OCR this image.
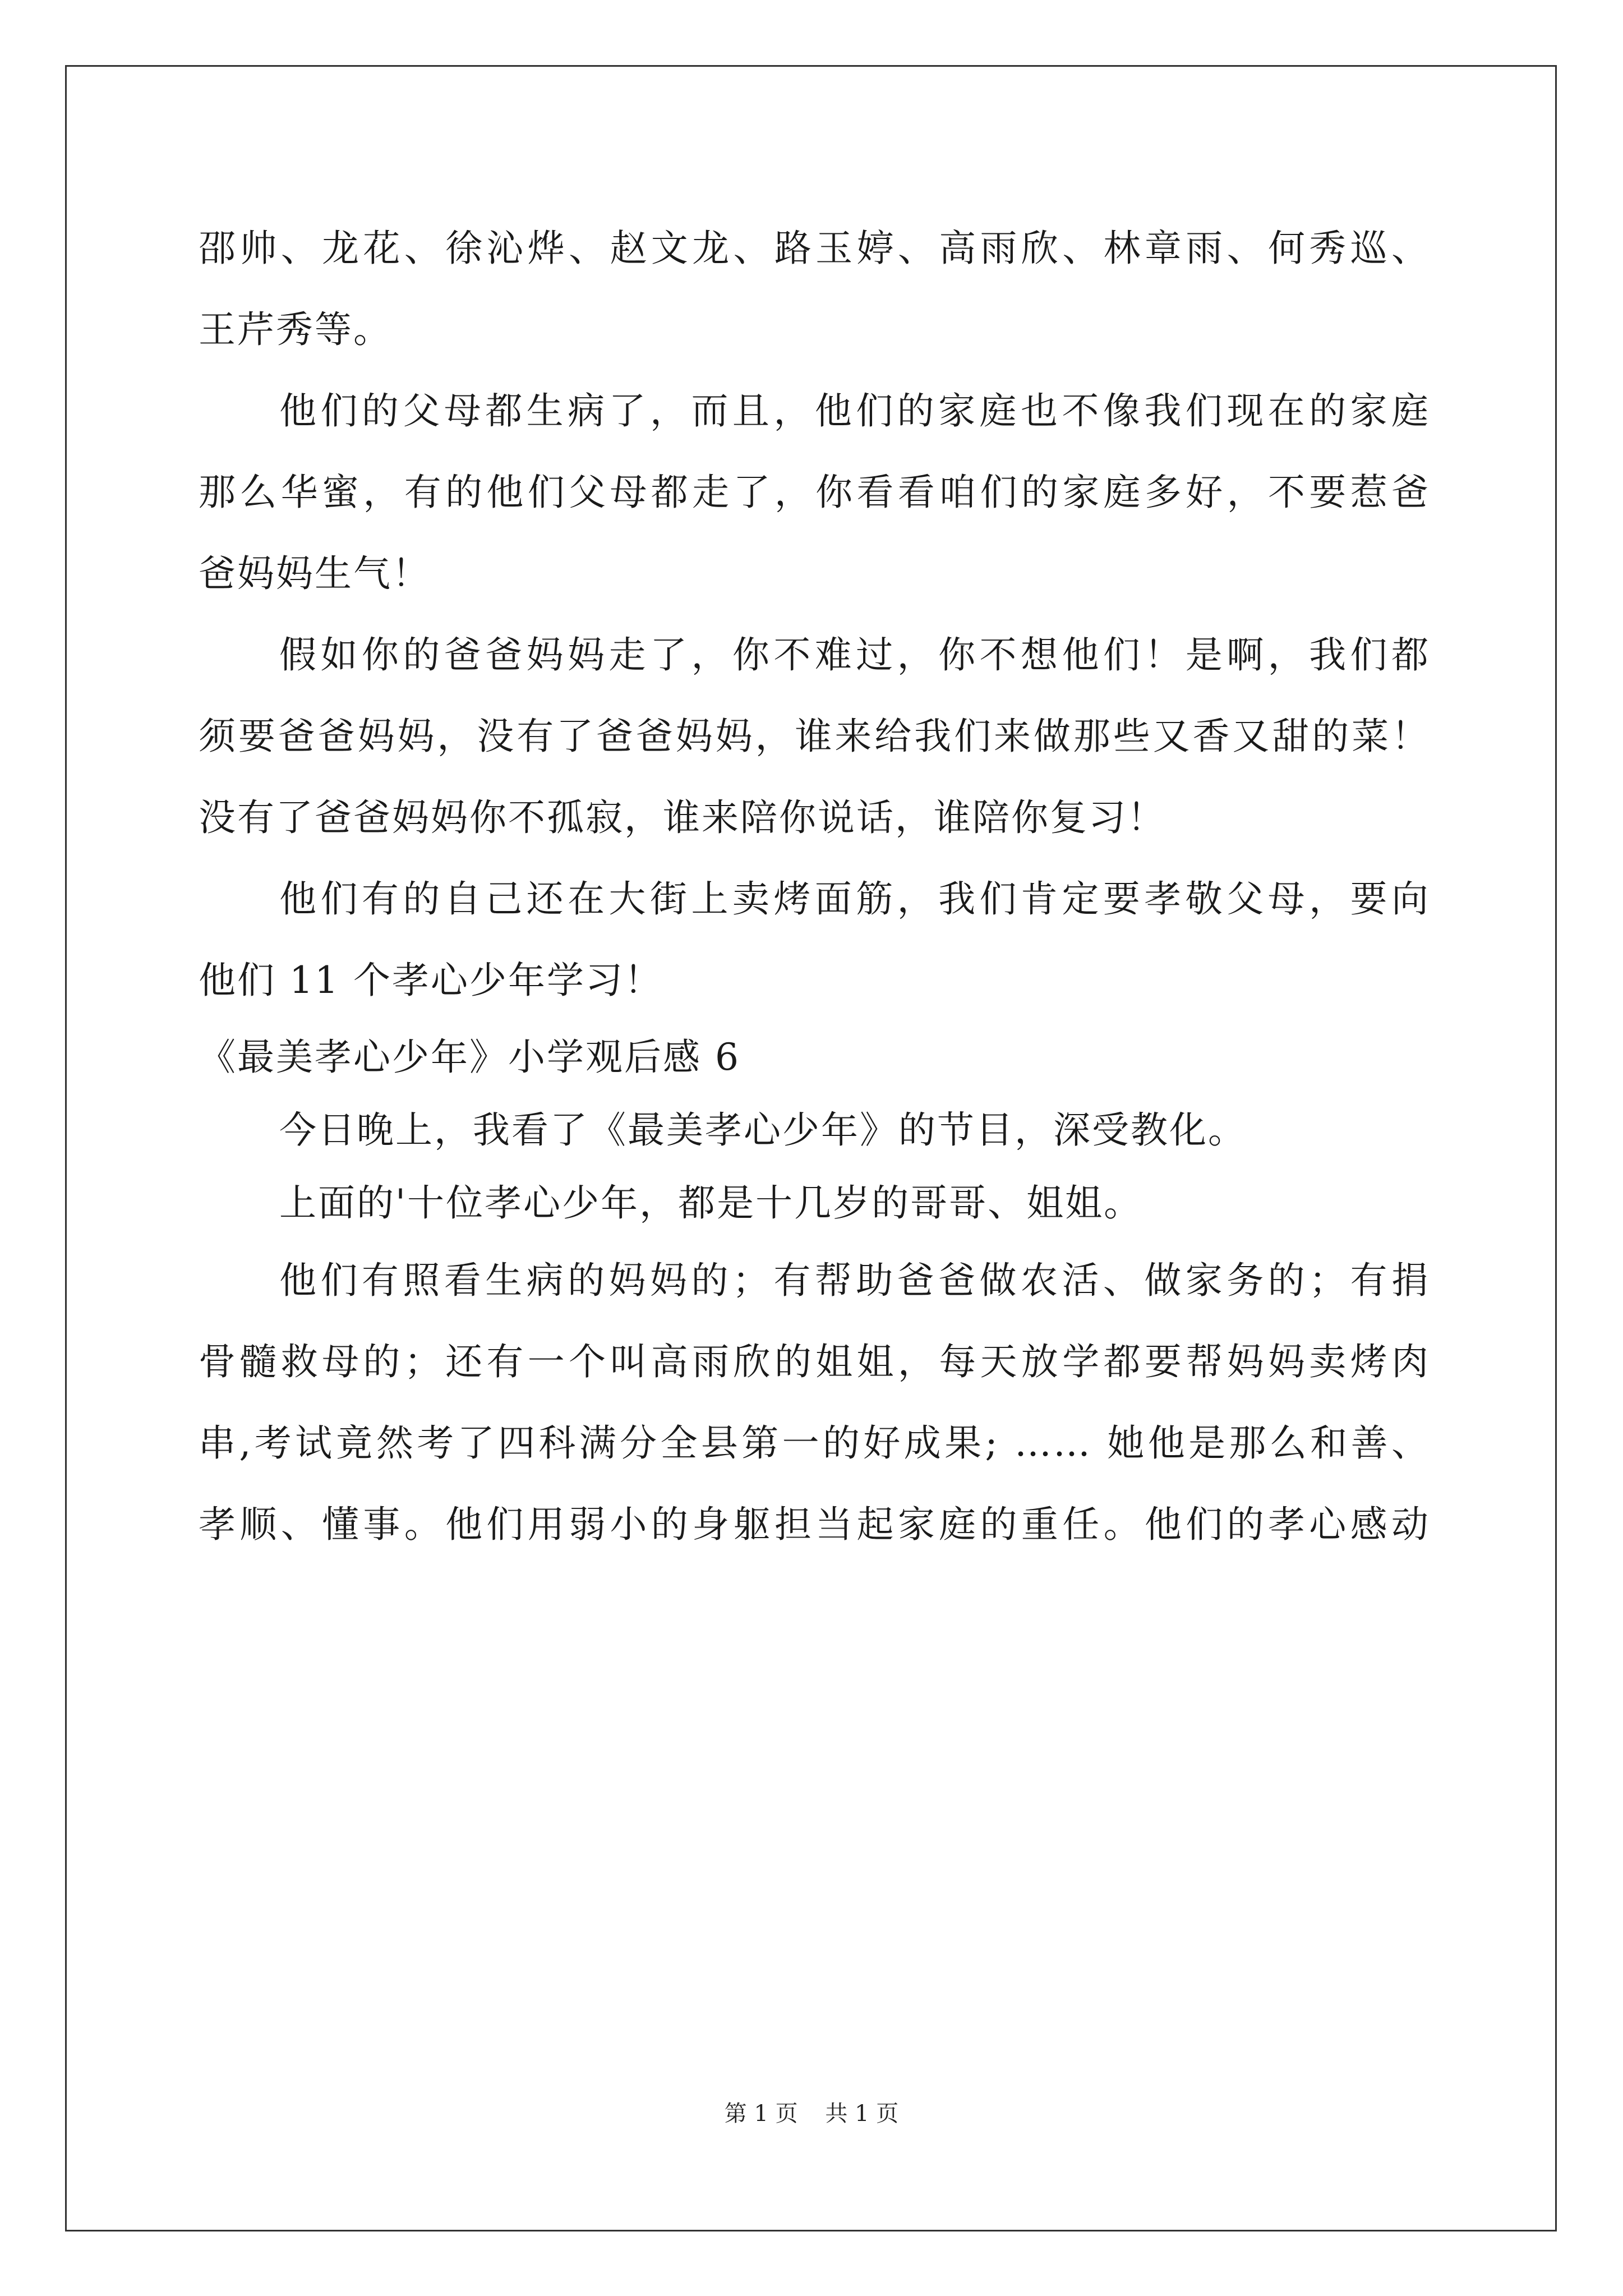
邵帅、龙花、徐沁烨、赵文龙、路玉婷、高雨欣、林章雨、何秀巡、
王芹秀等。
他们的父母都生病了，而且，他们的家庭也不像我们现在的家庭
那么华蜜，有的他们父母都走了，你看看咱们的家庭多好，不要惹爸
爸妈妈生气！
假如你的爸爸妈妈走了，你不难过，你不想他们！是啊，我们都
须要爸爸妈妈，没有了爸爸妈妈，谁来给我们来做那些又香又甜的菜！
没有了爸爸妈妈你不孤寂，谁来陪你说话，谁陪你复习！
他们有的自己还在大街上卖烤面筋，我们肯定要孝敬父母，要向
他们 11 个孝心少年学习！
《最美孝心少年》小学观后感 6
今日晚上，我看了《最美孝心少年》的节目，深受教化。
上面的'十位孝心少年，都是十几岁的哥哥、姐姐。
他们有照看生病的妈妈的；有帮助爸爸做农活、做家务的；有捐
骨髓救母的；还有一个叫高雨欣的姐姐，每天放学都要帮妈妈卖烤肉
串,考试竟然考了四科满分全县第一的好成果; …… 她他是那么和善、
孝顺、懂事。他们用弱小的身躯担当起家庭的重任。他们的孝心感动
第 1 页 共 1 页
